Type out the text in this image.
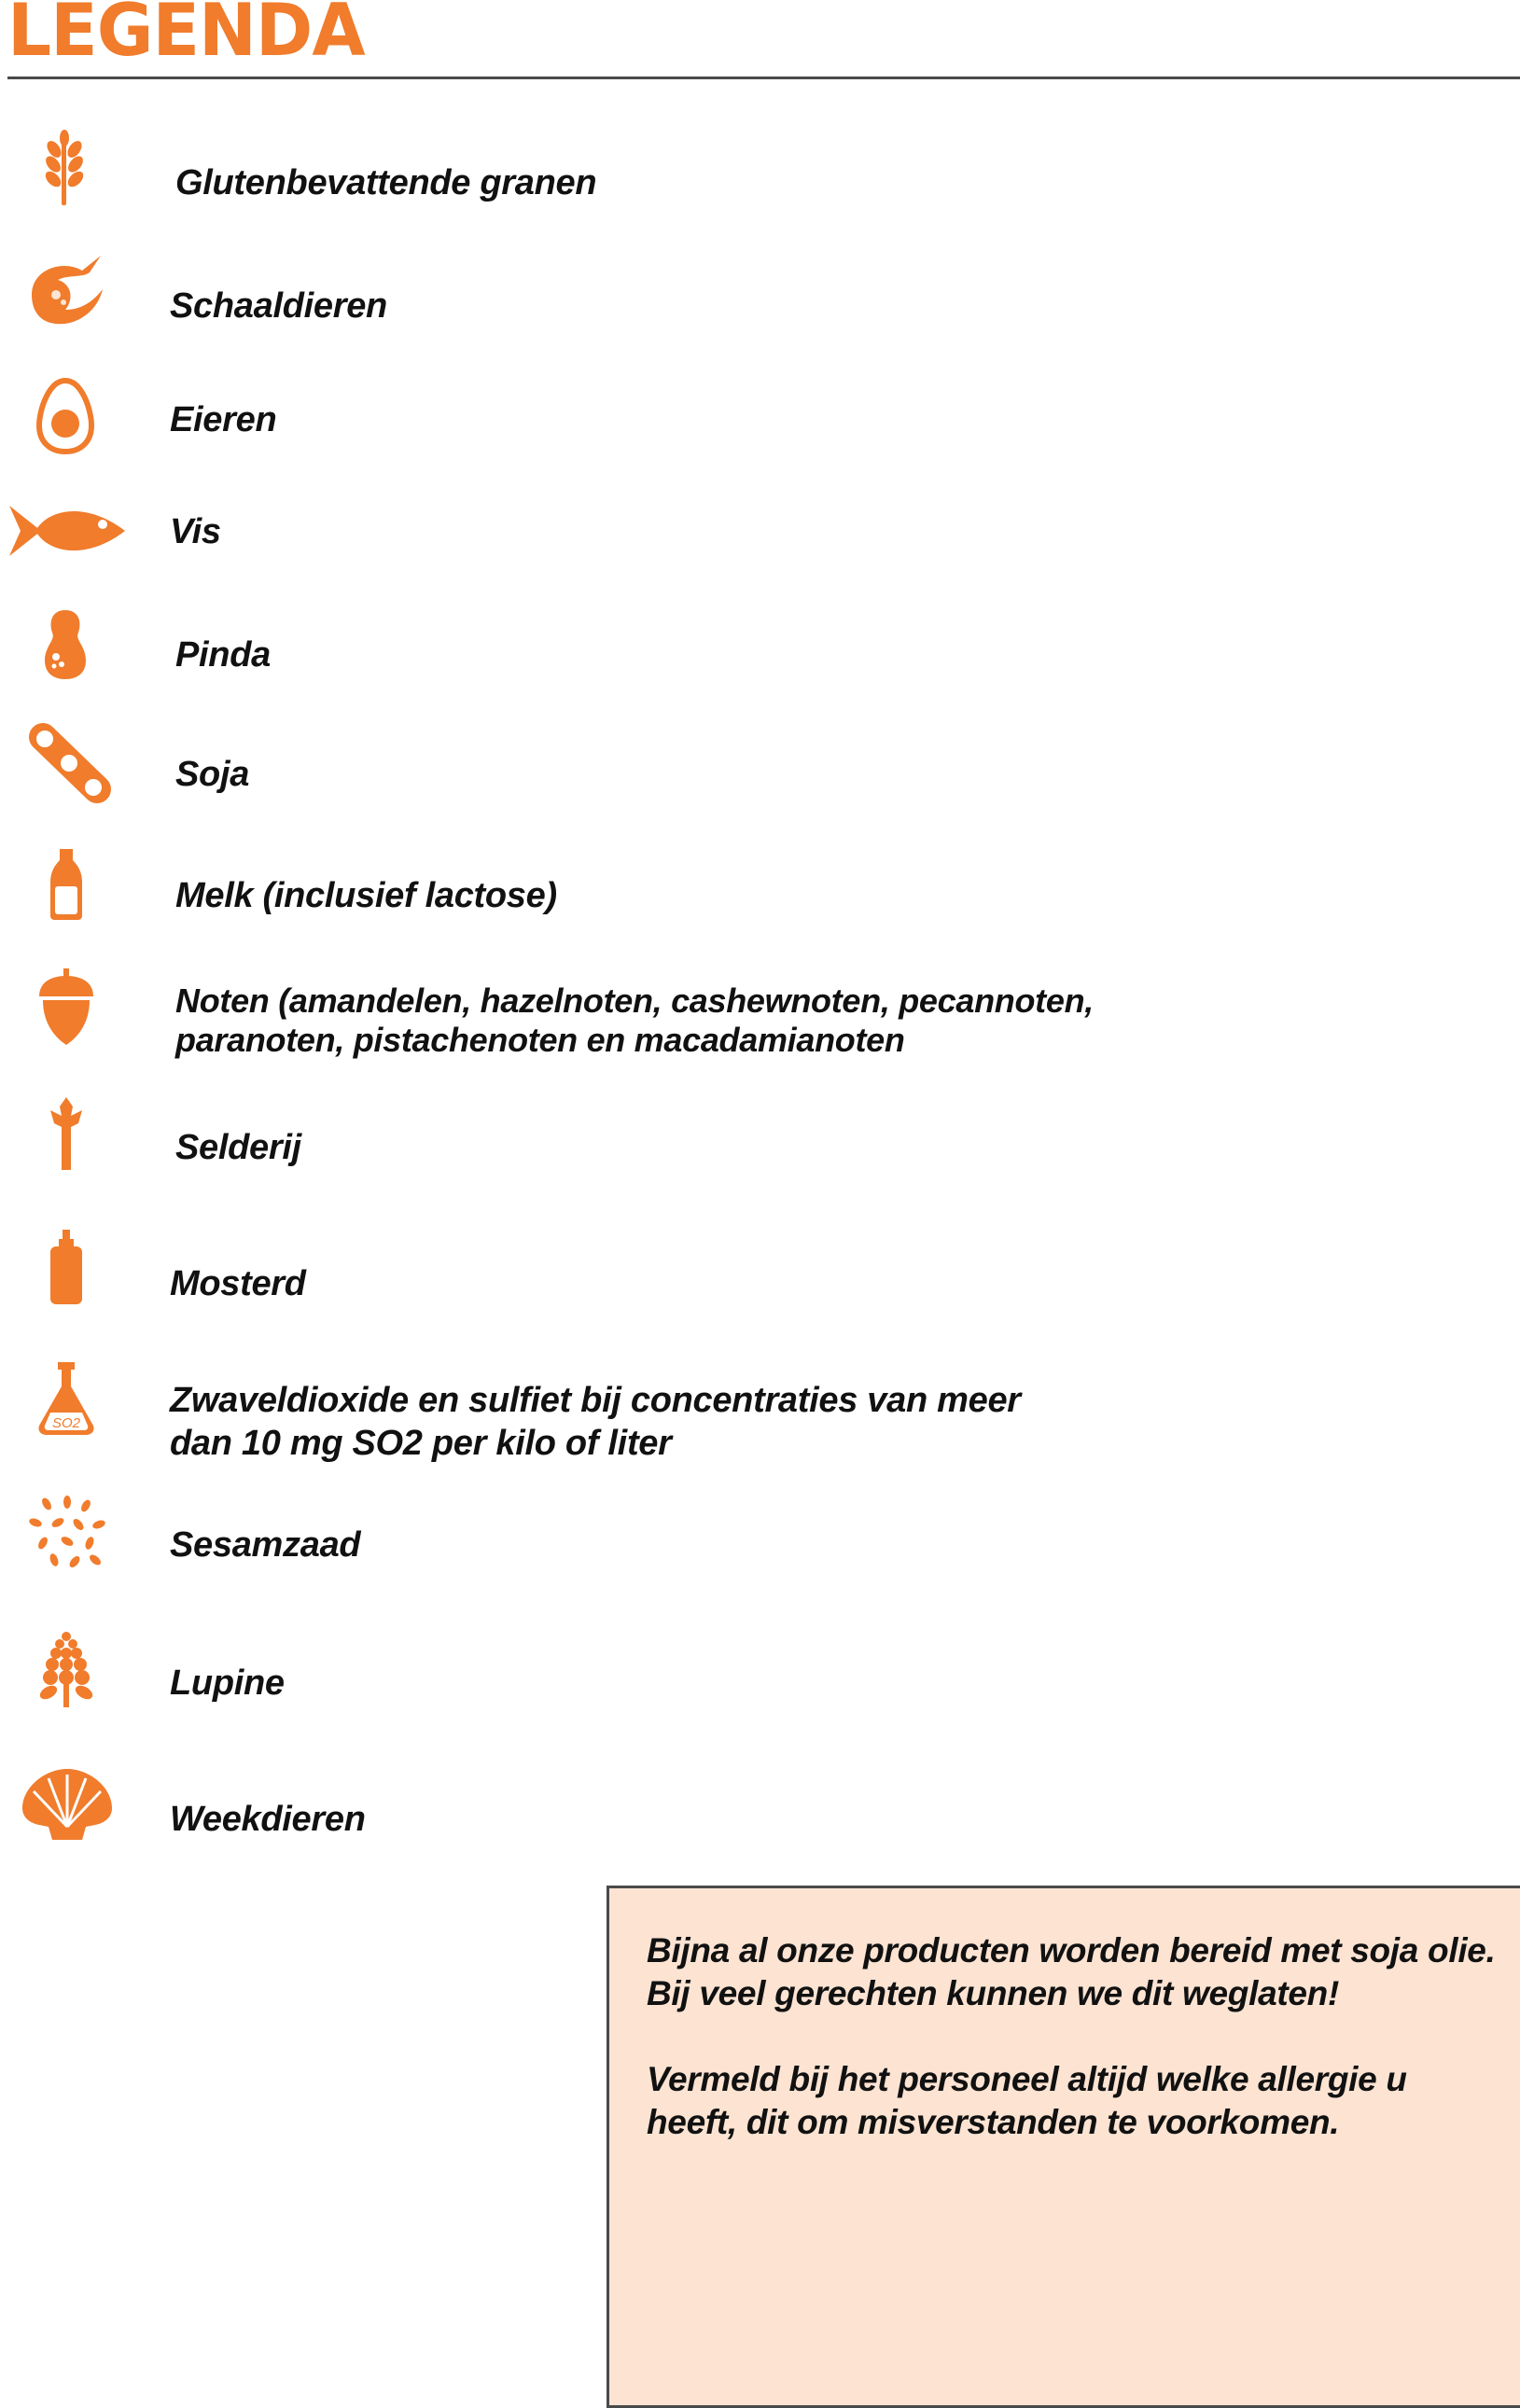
LEGENDA

Glutenbevattende granen

Schaaldieren

Eieren

Vis

Pinda

Soja

Melk (inclusief lactose)

Noten (amandelen, hazelnoten, cashewnoten, pecannoten,
paranoten, pistachenoten en macadamianoten

Selderij

Mosterd

SO2

Zwaveldioxide en sulfiet bij concentraties van meer
dan 10 mg SO2 per kilo of liter

Sesamzaad

Lupine

Weekdieren

Bijna al onze producten worden bereid met soja olie.
Bij veel gerechten kunnen we dit weglaten!

Vermeld bij het personeel altijd welke allergie u
heeft, dit om misverstanden te voorkomen.
